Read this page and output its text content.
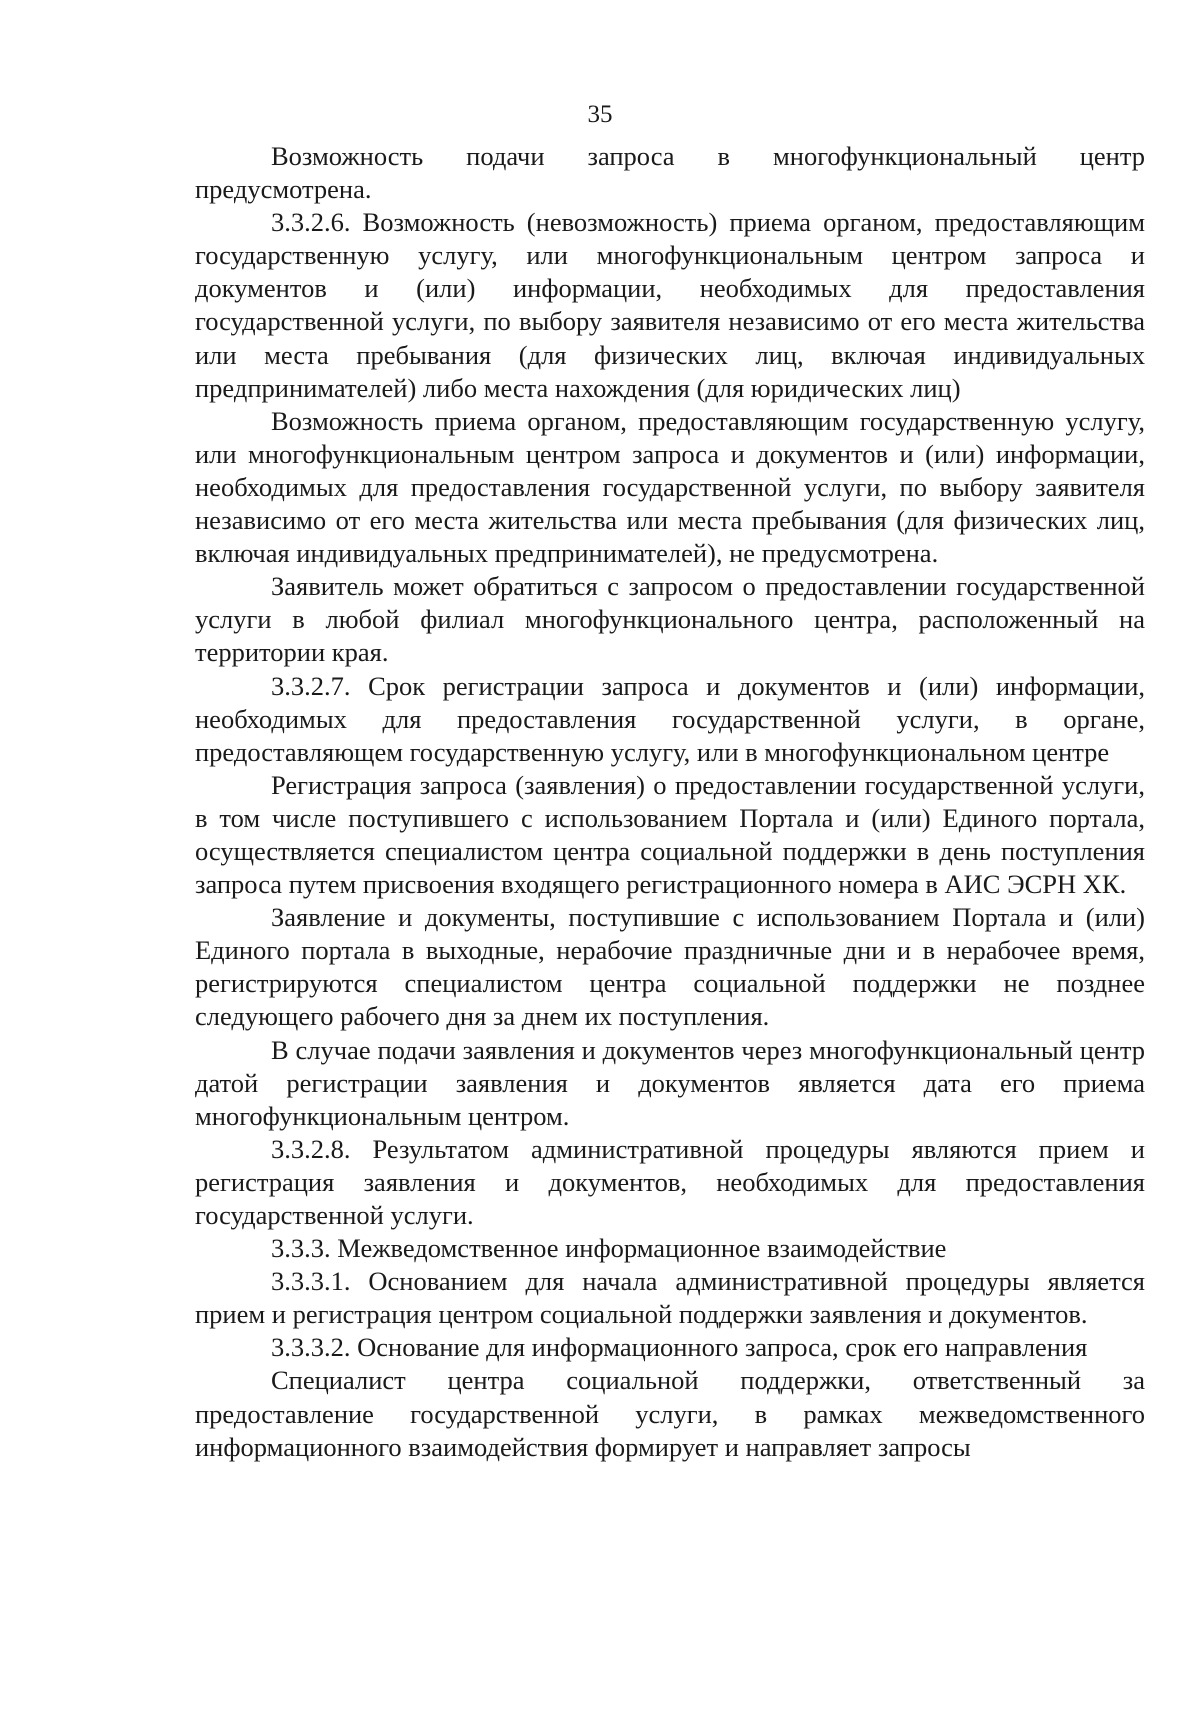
35

Возможность подачи запроса в многофункциональный центр предусмотрена.

3.3.2.6. Возможность (невозможность) приема органом, предоставляющим государственную услугу, или многофункциональным центром запроса и документов и (или) информации, необходимых для предоставления государственной услуги, по выбору заявителя независимо от его места жительства или места пребывания (для физических лиц, включая индивидуальных предпринимателей) либо места нахождения (для юридических лиц)

Возможность приема органом, предоставляющим государственную услугу, или многофункциональным центром запроса и документов и (или) информации, необходимых для предоставления государственной услуги, по выбору заявителя независимо от его места жительства или места пребывания (для физических лиц, включая индивидуальных предпринимателей), не предусмотрена.

Заявитель может обратиться с запросом о предоставлении государственной услуги в любой филиал многофункционального центра, расположенный на территории края.

3.3.2.7. Срок регистрации запроса и документов и (или) информации, необходимых для предоставления государственной услуги, в органе, предоставляющем государственную услугу, или в многофункциональном центре

Регистрация запроса (заявления) о предоставлении государственной услуги, в том числе поступившего с использованием Портала и (или) Единого портала, осуществляется специалистом центра социальной поддержки в день поступления запроса путем присвоения входящего регистрационного номера в АИС ЭСРН ХК.

Заявление и документы, поступившие с использованием Портала и (или) Единого портала в выходные, нерабочие праздничные дни и в нерабочее время, регистрируются специалистом центра социальной поддержки не позднее следующего рабочего дня за днем их поступления.

В случае подачи заявления и документов через многофункциональный центр датой регистрации заявления и документов является дата его приема многофункциональным центром.

3.3.2.8. Результатом административной процедуры являются прием и регистрация заявления и документов, необходимых для предоставления государственной услуги.

3.3.3. Межведомственное информационное взаимодействие

3.3.3.1. Основанием для начала административной процедуры является прием и регистрация центром социальной поддержки заявления и документов.

3.3.3.2. Основание для информационного запроса, срок его направления

Специалист центра социальной поддержки, ответственный за предоставление государственной услуги, в рамках межведомственного информационного взаимодействия формирует и направляет запросы
